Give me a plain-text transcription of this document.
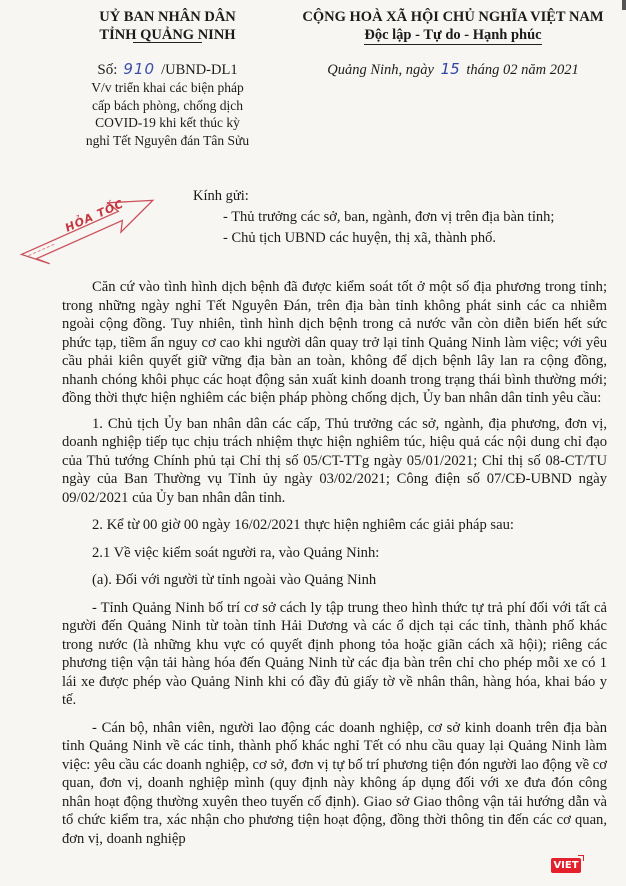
UỶ BAN NHÂN DÂN
TỈNH QUẢNG NINH
CỘNG HOÀ XÃ HỘI CHỦ NGHĨA VIỆT NAM
Độc lập - Tự do - Hạnh phúc
Số: 910 /UBND-DL1
V/v triển khai các biện pháp
cấp bách phòng, chống dịch
COVID-19 khi kết thúc kỳ
nghỉ Tết Nguyên đán Tân Sửu
Quảng Ninh, ngày 15 tháng 02 năm 2021
HỎA TỐC
Kính gửi:
- Thủ trưởng các sở, ban, ngành, đơn vị trên địa bàn tỉnh;
- Chủ tịch UBND các huyện, thị xã, thành phố.

Căn cứ vào tình hình dịch bệnh đã được kiểm soát tốt ở một số địa phương trong tỉnh; trong những ngày nghỉ Tết Nguyên Đán, trên địa bàn tỉnh không phát sinh các ca nhiễm ngoài cộng đồng. Tuy nhiên, tình hình dịch bệnh trong cả nước vẫn còn diễn biến hết sức phức tạp, tiềm ẩn nguy cơ cao khi người dân quay trở lại tỉnh Quảng Ninh làm việc; với yêu cầu phải kiên quyết giữ vững địa bàn an toàn, không để dịch bệnh lây lan ra cộng đồng, nhanh chóng khôi phục các hoạt động sản xuất kinh doanh trong trạng thái bình thường mới; đồng thời thực hiện nghiêm các biện pháp phòng chống dịch, Ủy ban nhân dân tỉnh yêu cầu:

1. Chủ tịch Ủy ban nhân dân các cấp, Thủ trưởng các sở, ngành, địa phương, đơn vị, doanh nghiệp tiếp tục chịu trách nhiệm thực hiện nghiêm túc, hiệu quả các nội dung chỉ đạo của Thủ tướng Chính phủ tại Chỉ thị số 05/CT-TTg ngày 05/01/2021; Chỉ thị số 08-CT/TU ngày của Ban Thường vụ Tỉnh ủy ngày 03/02/2021; Công điện số 07/CĐ-UBND ngày 09/02/2021 của Ủy ban nhân dân tỉnh.

2. Kể từ 00 giờ 00 ngày 16/02/2021 thực hiện nghiêm các giải pháp sau:

2.1 Về việc kiểm soát người ra, vào Quảng Ninh:

(a). Đối với người từ tỉnh ngoài vào Quảng Ninh

- Tỉnh Quảng Ninh bố trí cơ sở cách ly tập trung theo hình thức tự trả phí đối với tất cả người đến Quảng Ninh từ toàn tỉnh Hải Dương và các ổ dịch tại các tỉnh, thành phố khác trong nước (là những khu vực có quyết định phong tỏa hoặc giãn cách xã hội); riêng các phương tiện vận tải hàng hóa đến Quảng Ninh từ các địa bàn trên chỉ cho phép mỗi xe có 1 lái xe được phép vào Quảng Ninh khi có đầy đủ giấy tờ về nhân thân, hàng hóa, khai báo y tế.

- Cán bộ, nhân viên, người lao động các doanh nghiệp, cơ sở kinh doanh trên địa bàn tỉnh Quảng Ninh về các tỉnh, thành phố khác nghỉ Tết có nhu cầu quay lại Quảng Ninh làm việc: yêu cầu các doanh nghiệp, cơ sở, đơn vị tự bố trí phương tiện đón người lao động về cơ quan, đơn vị, doanh nghiệp mình (quy định này không áp dụng đối với xe đưa đón công nhân hoạt động thường xuyên theo tuyến cố định). Giao sở Giao thông vận tải hướng dẫn và tổ chức kiểm tra, xác nhận cho phương tiện hoạt động, đồng thời thông tin đến các cơ quan, đơn vị, doanh nghiệp

VIET
